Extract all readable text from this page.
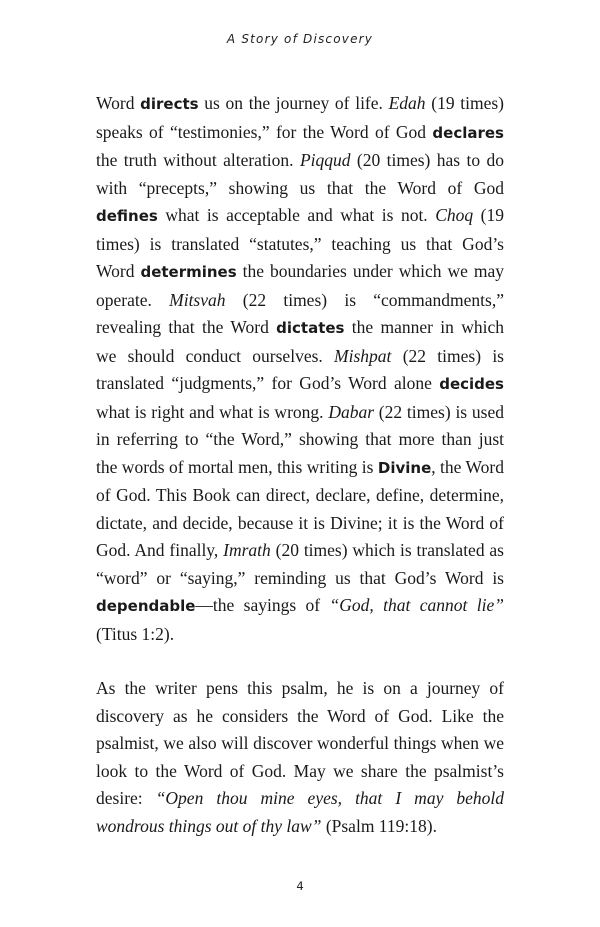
A Story of Discovery

Word directs us on the journey of life. Edah (19 times) speaks of “testimonies,” for the Word of God declares the truth without alteration. Piqqud (20 times) has to do with “precepts,” showing us that the Word of God defines what is acceptable and what is not. Choq (19 times) is translated “statutes,” teaching us that God’s Word determines the boundaries under which we may operate. Mitsvah (22 times) is “commandments,” revealing that the Word dictates the manner in which we should conduct ourselves. Mishpat (22 times) is translated “judgments,” for God’s Word alone decides what is right and what is wrong. Dabar (22 times) is used in referring to “the Word,” showing that more than just the words of mortal men, this writing is Divine, the Word of God. This Book can direct, declare, define, determine, dictate, and decide, because it is Divine; it is the Word of God. And finally, Imrath (20 times) which is translated as “word” or “saying,” reminding us that God’s Word is dependable—the sayings of “God, that cannot lie” (Titus 1:2).

As the writer pens this psalm, he is on a journey of discovery as he considers the Word of God. Like the psalmist, we also will discover wonderful things when we look to the Word of God. May we share the psalmist’s desire: “Open thou mine eyes, that I may behold wondrous things out of thy law” (Psalm 119:18).

4
